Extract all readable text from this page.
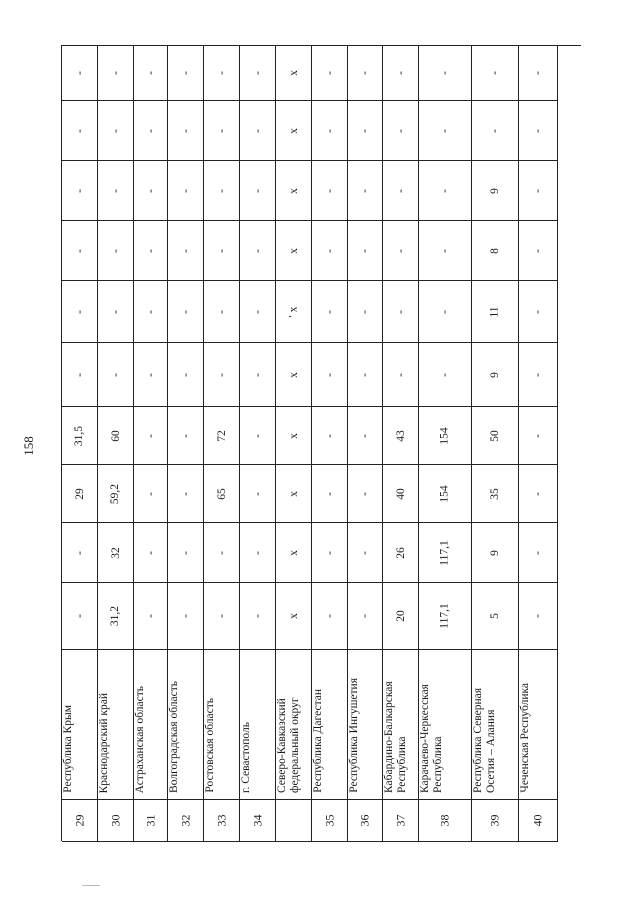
158
-
-
-
-
-
-
31,5
29
-
-
Республика Крым
29
-
-
-
-
-
-
60
59,2
32
31,2
Краснодарский край
30
-
-
-
-
-
-
-
-
-
-
Астраханская область
31
-
-
-
-
-
-
-
-
-
-
Волгоградская область
32
-
-
-
-
-
-
72
65
-
-
Ростовская область
33
-
-
-
-
-
-
-
-
-
-
г. Севастополь
34
х
х
х
х
' х
х
х
х
х
х
Северо-Кавказский федеральный округ
-
-
-
-
-
-
-
-
-
-
Республика Дагестан
35
-
-
-
-
-
-
-
-
-
-
Республика Ингушетия
36
-
-
-
-
-
-
43
40
26
20
Кабардино-Балкарская Республика
37
-
-
-
-
-
-
154
154
117,1
117,1
Карачаево-Черкесская Республика
38
-
-
9
8
11
9
50
35
9
5
Республика Северная Осетия – Алания
39
-
-
-
-
-
-
-
-
-
-
Чеченская Республика
40
